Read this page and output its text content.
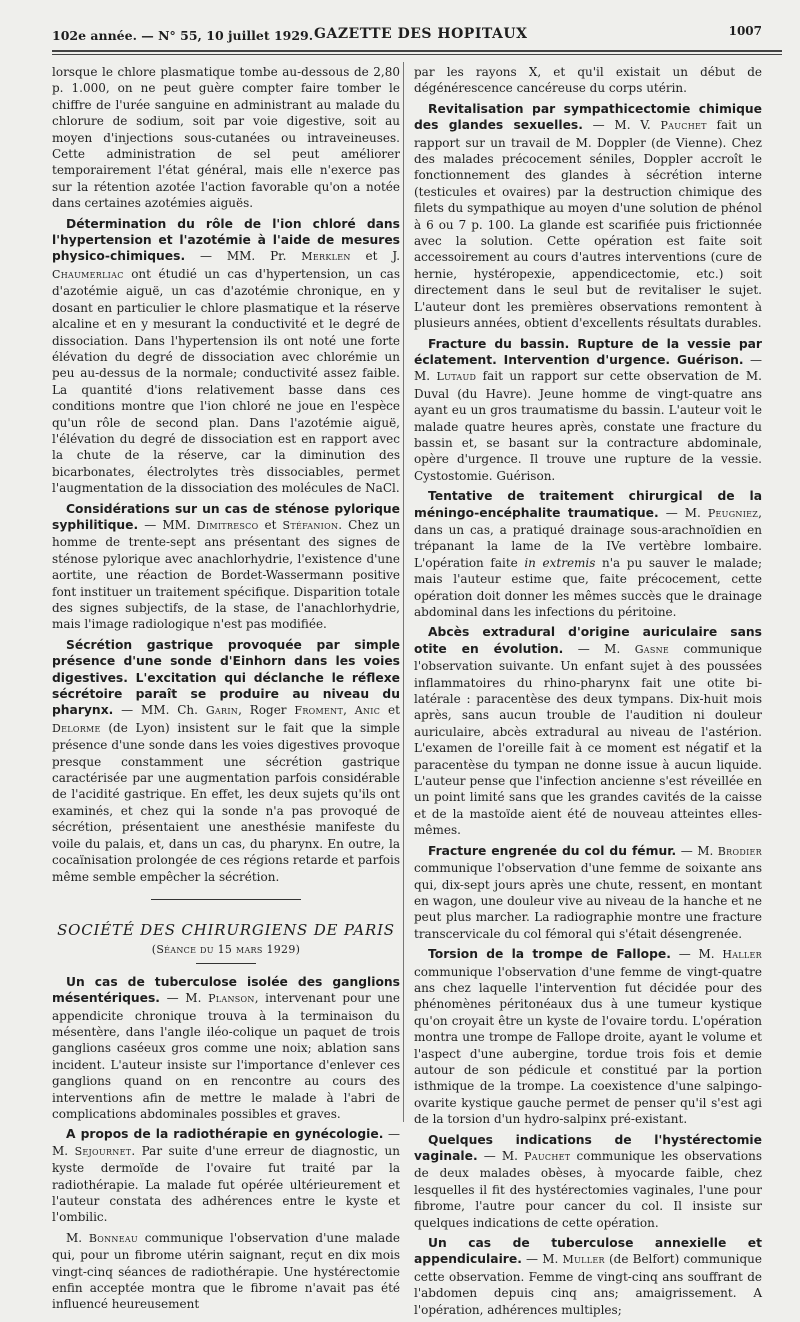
102e année. — N° 55, 10 juillet 1929. GAZETTE DES HOPITAUX	1007

lorsque le chlore plasmatique tombe au-dessous de 2,80 p. 1.000, on ne peut guère compter faire tomber le chiffre de l'urée sanguine en administrant au malade du chlorure de sodium, soit par voie digestive, soit au moyen d'injections sous-cutanées ou intraveineuses. Cette administration de sel peut améliorer temporairement l'état général, mais elle n'exerce pas sur la rétention azotée l'action favorable qu'on a notée dans certaines azotémies aiguës.

Détermination du rôle de l'ion chloré dans l'hypertension et l'azotémie à l'aide de mesures physico-chimiques. — MM. Pr. Merklen et J. Chaumerliac ont étudié un cas d'hypertension, un cas d'azotémie aiguë, un cas d'azotémie chronique, en y dosant en particulier le chlore plasmatique et la réserve alcaline et en y mesurant la conductivité et le degré de dissociation. Dans l'hypertension ils ont noté une forte élévation du degré de dissociation avec chlorémie un peu au-dessus de la normale; conductivité assez faible. La quantité d'ions relativement basse dans ces conditions montre que l'ion chloré ne joue en l'espèce qu'un rôle de second plan. Dans l'azotémie aiguë, l'élévation du degré de dissociation est en rapport avec la chute de la réserve, car la diminution des bicarbonates, électrolytes très dissociables, permet l'augmentation de la dissociation des molécules de NaCl.

Considérations sur un cas de sténose pylorique syphilitique. — MM. Dimitresco et Stéfanion. Chez un homme de trente-sept ans présentant des signes de sténose pylorique avec anachlorhydrie, l'existence d'une aortite, une réaction de Bordet-Wassermann positive font instituer un traitement spécifique. Disparition totale des signes subjectifs, de la stase, de l'anachlorhydrie, mais l'image radiologique n'est pas modifiée.

Sécrétion gastrique provoquée par simple présence d'une sonde d'Einhorn dans les voies digestives. L'excitation qui déclanche le réflexe sécrétoire paraît se produire au niveau du pharynx. — MM. Ch. Garin, Roger Froment, Anic et Delorme (de Lyon) insistent sur le fait que la simple présence d'une sonde dans les voies digestives provoque presque constamment une sécrétion gastrique caractérisée par une augmentation parfois considérable de l'acidité gastrique. En effet, les deux sujets qu'ils ont examinés, et chez qui la sonde n'a pas provoqué de sécrétion, présentaient une anesthésie manifeste du voile du palais, et, dans un cas, du pharynx. En outre, la cocaïnisation prolongée de ces régions retarde et parfois même semble empêcher la sécrétion.

SOCIÉTÉ DES CHIRURGIENS DE PARIS
(Séance du 15 mars 1929)

Un cas de tuberculose isolée des ganglions mésentériques. — M. Planson, intervenant pour une appendicite chronique trouva à la terminaison du mésentère, dans l'angle iléo-colique un paquet de trois ganglions caséeux gros comme une noix; ablation sans incident. L'auteur insiste sur l'importance d'enlever ces ganglions quand on en rencontre au cours des interventions afin de mettre le malade à l'abri de complications abdominales possibles et graves.

A propos de la radiothérapie en gynécologie. — M. Sejournet. Par suite d'une erreur de diagnostic, un kyste dermoïde de l'ovaire fut traité par la radiothérapie. La malade fut opérée ultérieurement et l'auteur constata des adhérences entre le kyste et l'ombilic.

M. Bonneau communique l'observation d'une malade qui, pour un fibrome utérin saignant, reçut en dix mois vingt-cinq séances de radiothérapie. Une hystérectomie enfin acceptée montra que le fibrome n'avait pas été influencé heureusement

par les rayons X, et qu'il existait un début de dégénérescence cancéreuse du corps utérin.

Revitalisation par sympathicectomie chimique des glandes sexuelles. — M. V. Pauchet fait un rapport sur un travail de M. Doppler (de Vienne). Chez des malades précocement séniles, Doppler accroît le fonctionnement des glandes à sécrétion interne (testicules et ovaires) par la destruction chimique des filets du sympathique au moyen d'une solution de phénol à 6 ou 7 p. 100. La glande est scarifiée puis frictionnée avec la solution. Cette opération est faite soit accessoirement au cours d'autres interventions (cure de hernie, hystéropexie, appendicectomie, etc.) soit directement dans le seul but de revitaliser le sujet. L'auteur dont les premières observations remontent à plusieurs années, obtient d'excellents résultats durables.

Fracture du bassin. Rupture de la vessie par éclatement. Intervention d'urgence. Guérison. — M. Lutaud fait un rapport sur cette observation de M. Duval (du Havre). Jeune homme de vingt-quatre ans ayant eu un gros traumatisme du bassin. L'auteur voit le malade quatre heures après, constate une fracture du bassin et, se basant sur la contracture abdominale, opère d'urgence. Il trouve une rupture de la vessie. Cystostomie. Guérison.

Tentative de traitement chirurgical de la méningo-encéphalite traumatique. — M. Peugniez, dans un cas, a pratiqué drainage sous-arachnoïdien en trépanant la lame de la IVe vertèbre lombaire. L'opération faite in extremis n'a pu sauver le malade; mais l'auteur estime que, faite précocement, cette opération doit donner les mêmes succès que le drainage abdominal dans les infections du péritoine.

Abcès extradural d'origine auriculaire sans otite en évolution. — M. Gasne communique l'observation suivante. Un enfant sujet à des poussées inflammatoires du rhino-pharynx fait une otite bi-latérale : paracentèse des deux tympans. Dix-huit mois après, sans aucun trouble de l'audition ni douleur auriculaire, abcès extradural au niveau de l'astérion. L'examen de l'oreille fait à ce moment est négatif et la paracentèse du tympan ne donne issue à aucun liquide. L'auteur pense que l'infection ancienne s'est réveillée en un point limité sans que les grandes cavités de la caisse et de la mastoïde aient été de nouveau atteintes elles-mêmes.

Fracture engrenée du col du fémur. — M. Brodier communique l'observation d'une femme de soixante ans qui, dix-sept jours après une chute, ressent, en montant en wagon, une douleur vive au niveau de la hanche et ne peut plus marcher. La radiographie montre une fracture transcervicale du col fémoral qui s'était désengrenée.

Torsion de la trompe de Fallope. — M. Haller communique l'observation d'une femme de vingt-quatre ans chez laquelle l'intervention fut décidée pour des phénomènes péritonéaux dus à une tumeur kystique qu'on croyait être un kyste de l'ovaire tordu. L'opération montra une trompe de Fallope droite, ayant le volume et l'aspect d'une aubergine, tordue trois fois et demie autour de son pédicule et constitué par la portion isthmique de la trompe. La coexistence d'une salpingo-ovarite kystique gauche permet de penser qu'il s'est agi de la torsion d'un hydro-salpinx pré-existant.

Quelques indications de l'hystérectomie vaginale. — M. Pauchet communique les observations de deux malades obèses, à myocarde faible, chez lesquelles il fit des hystérectomies vaginales, l'une pour fibrome, l'autre pour cancer du col. Il insiste sur quelques indications de cette opération.

Un cas de tuberculose annexielle et appendiculaire. — M. Muller (de Belfort) communique cette observation. Femme de vingt-cinq ans souffrant de l'abdomen depuis cinq ans; amaigrissement. A l'opération, adhérences multiples;
